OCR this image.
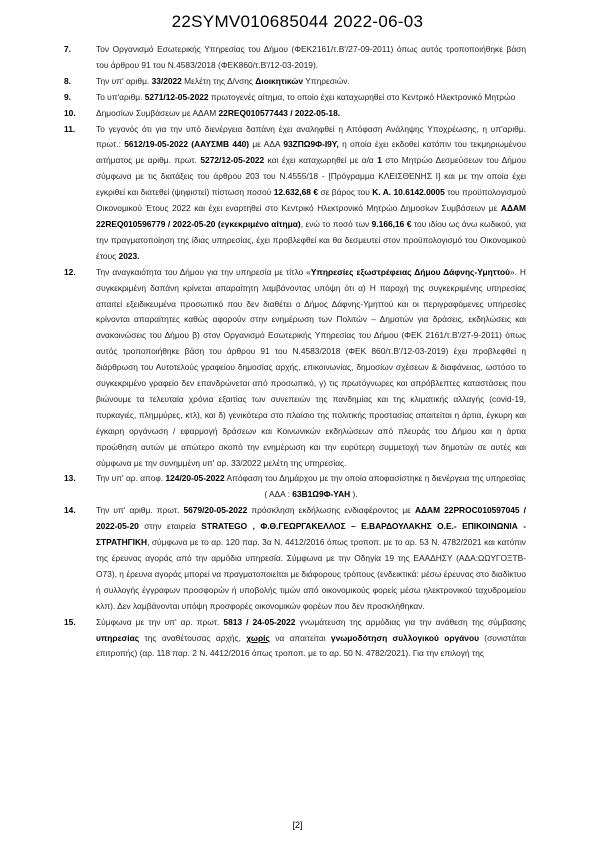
22SYMV010685044 2022-06-03
7.	Τον Οργανισμό Εσωτερικής Υπηρεσίας του Δήμου (ΦΕΚ2161/τ.Β'/27-09-2011) όπως αυτός τροποποιήθηκε βάση του άρθρου 91 του Ν.4583/2018 (ΦΕΚ860/τ.Β'/12-03-2019).
8.	Την υπ' αριθμ. 33/2022 Μελέτη της Δ/νσης Διοικητικών Υπηρεσιών.
9.	Το υπ'αριθμ. 5271/12-05-2022 πρωτογενές αίτημα, το οποίο έχει καταχωρηθεί στο Κεντρικό Ηλεκτρονικό Μητρώο
10.	Δημοσίων Συμβάσεων με ΑΔΑΜ 22REQ010577443 / 2022-05-18.
11.	Το γεγονός ότι για την υπό διενέργεια δαπάνη έχει αναληφθεί η Απόφαση Ανάληψης Υποχρέωσης, η υπ'αριθμ. πρωτ.: 5612/19-05-2022 (ΑΑΥΣΜΒ 440) με ΑΔΑ 93ΖΠΩ9Φ-Ι9Υ, η οποία έχει εκδοθεί κατόπιν του τεκμηριωμένου αιτήματος με αριθμ. πρωτ. 5272/12-05-2022 και έχει καταχωρηθεί με α/α 1 στο Μητρώο Δεσμεύσεων του Δήμου σύμφωνα με τις διατάξεις του άρθρου 203 του Ν.4555/18 - [Πρόγραμμα ΚΛΕΙΣΘΕΝΗΣ Ι] και με την οποία έχει εγκριθεί και διατεθεί (ψηφιστεί) πίστωση ποσού 12.632,68 € σε βάρος του Κ. Α. 10.6142.0005 του προϋπολογισμού Οικονομικού Έτους 2022 και έχει εναρτηθεί στο Κεντρικό Ηλεκτρονικό Μητρώο Δημοσίων Συμβάσεων με ΑΔΑΜ 22REQ010596779 / 2022-05-20 (εγκεκριμένο αίτημα), ενώ το ποσό των 9.166,16 € του ιδίου ως άνω κωδικού, για την πραγματοποίηση της ίδιας υπηρεσίας, έχει προβλεφθεί και θα δεσμευτεί στον προϋπολογισμό του Οικονομικού έτους 2023.
12.	Την αναγκαιότητα του Δήμου για την υπηρεσία με τίτλο «Υπηρεσίες εξωστρέφειας Δήμου Δάφνης-Υμηττού». Η συγκεκριμένη δαπάνη κρίνεται απαραίτητη λαμβάνοντας υπόψη ότι α) Η παροχή της συγκεκριμένης υπηρεσίας απαιτεί εξειδικευμένα προσωπικό που δεν διαθέτει ο Δήμος Δάφνης-Υμηττού και οι περιγραφόμενες υπηρεσίες κρίνονται απαραίτητες καθώς αφορούν στην ενημέρωση των Πολιτών – Δημοτών για δράσεις, εκδηλώσεις και ανακοινώσεις του Δήμου β) στον Οργανισμό Εσωτερικής Υπηρεσίας του Δήμου (ΦΕΚ 2161/τ.Β'/27-9-2011) όπως αυτός τροποποιήθηκε βάση του άρθρου 91 του Ν.4583/2018 (ΦΕΚ 860/τ.Β'/12-03-2019) έχει προβλεφθεί η διάρθρωση του Αυτοτελούς γραφείου δημοσίας αρχής, επικοινωνίας, δημοσίων σχέσεων & διαφάνειας, ωστόσο το συγκεκριμένο γραφείο δεν επανδρώνεται από προσωπικό, γ) τις πρωτόγνωρες και απρόβλεπτες καταστάσεις που βιώνουμε τα τελευταία χρόνια εξαιτίας των συνεπειών της πανδημίας και της κλιματικής αλλαγής (covid-19, πυρκαγιές, πλημμύρες, κτλ), και δ) γενικότερα στο πλαίσιο της πολιτικής προστασίας απαιτείται η άρτια, έγκυρη και έγκαιρη οργάνωση / εφαρμογή δράσεων και Κοινωνικών εκδηλώσεων από πλευράς του Δήμου και η άρτια προώθηση αυτών με απώτερο σκοπό την ενημέρωση και την ευρύτερη συμμετοχή των δημοτών σε αυτές και σύμφωνα με την συνημμένη υπ' αρ. 33/2022 μελέτη της υπηρεσίας.
13.	Την υπ' αρ. αποφ. 124/20-05-2022 Απόφαση του Δημάρχου με την οποία αποφασίστηκε η διενέργεια της υπηρεσίας
( ΑΔΑ : 63Β1Ω9Φ-ΥΑΗ ).
14.	Την υπ' αριθμ. πρωτ. 5679/20-05-2022 πρόσκληση εκδήλωσης ενδιαφέροντος με ΑΔΑΜ 22PROC010597045 / 2022-05-20 στην εταιρεία STRATEGO , Φ.Θ.ΓΕΩΡΓΑΚΕΛΛΟΣ – Ε.ΒΑΡΔΟΥΛΑΚΗΣ Ο.Ε.- ΕΠΙΚΟΙΝΩΝΙΑ - ΣΤΡΑΤΗΓΙΚΗ, σύμφωνα με το αρ. 120 παρ. 3α Ν. 4412/2016 όπως τροποπ. με το αρ. 53 Ν. 4782/2021 και κατόπιν της έρευνας αγοράς από την αρμόδια υπηρεσία. Σύμφωνα με την Οδηγία 19 της ΕΑΑΔΗΣΥ (ΑΔΑ:ΩΩΥΓΟΞΤΒ-Ο73), η έρευνα αγοράς μπορεί να πραγματοποιείται με διάφορους τρόπους (ενδεικτικά: μέσω έρευνας στο διαδίκτυο ή συλλογής έγγραφων προσφορών ή υποβολής τιμών από οικονομικούς φορείς μέσω ηλεκτρονικού ταχυδρομείου κλπ). Δεν λαμβάνονται υπόψη προσφορές οικονομικών φορέων που δεν προσκλήθηκαν.
15.	Σύμφωνα με την υπ' αρ. πρωτ. 5813 / 24-05-2022 γνωμάτευση της αρμόδιας για την ανάθεση της σύμβασης υπηρεσίας της αναθέτουσας αρχής, χωρίς να απαιτείται γνωμοδότηση συλλογικού οργάνου (συνιστάται επιτροπής) (αρ. 118 παρ. 2 Ν. 4412/2016 όπως τροποπ. με το αρ. 50 Ν. 4782/2021). Για την επιλογή της
[2]
